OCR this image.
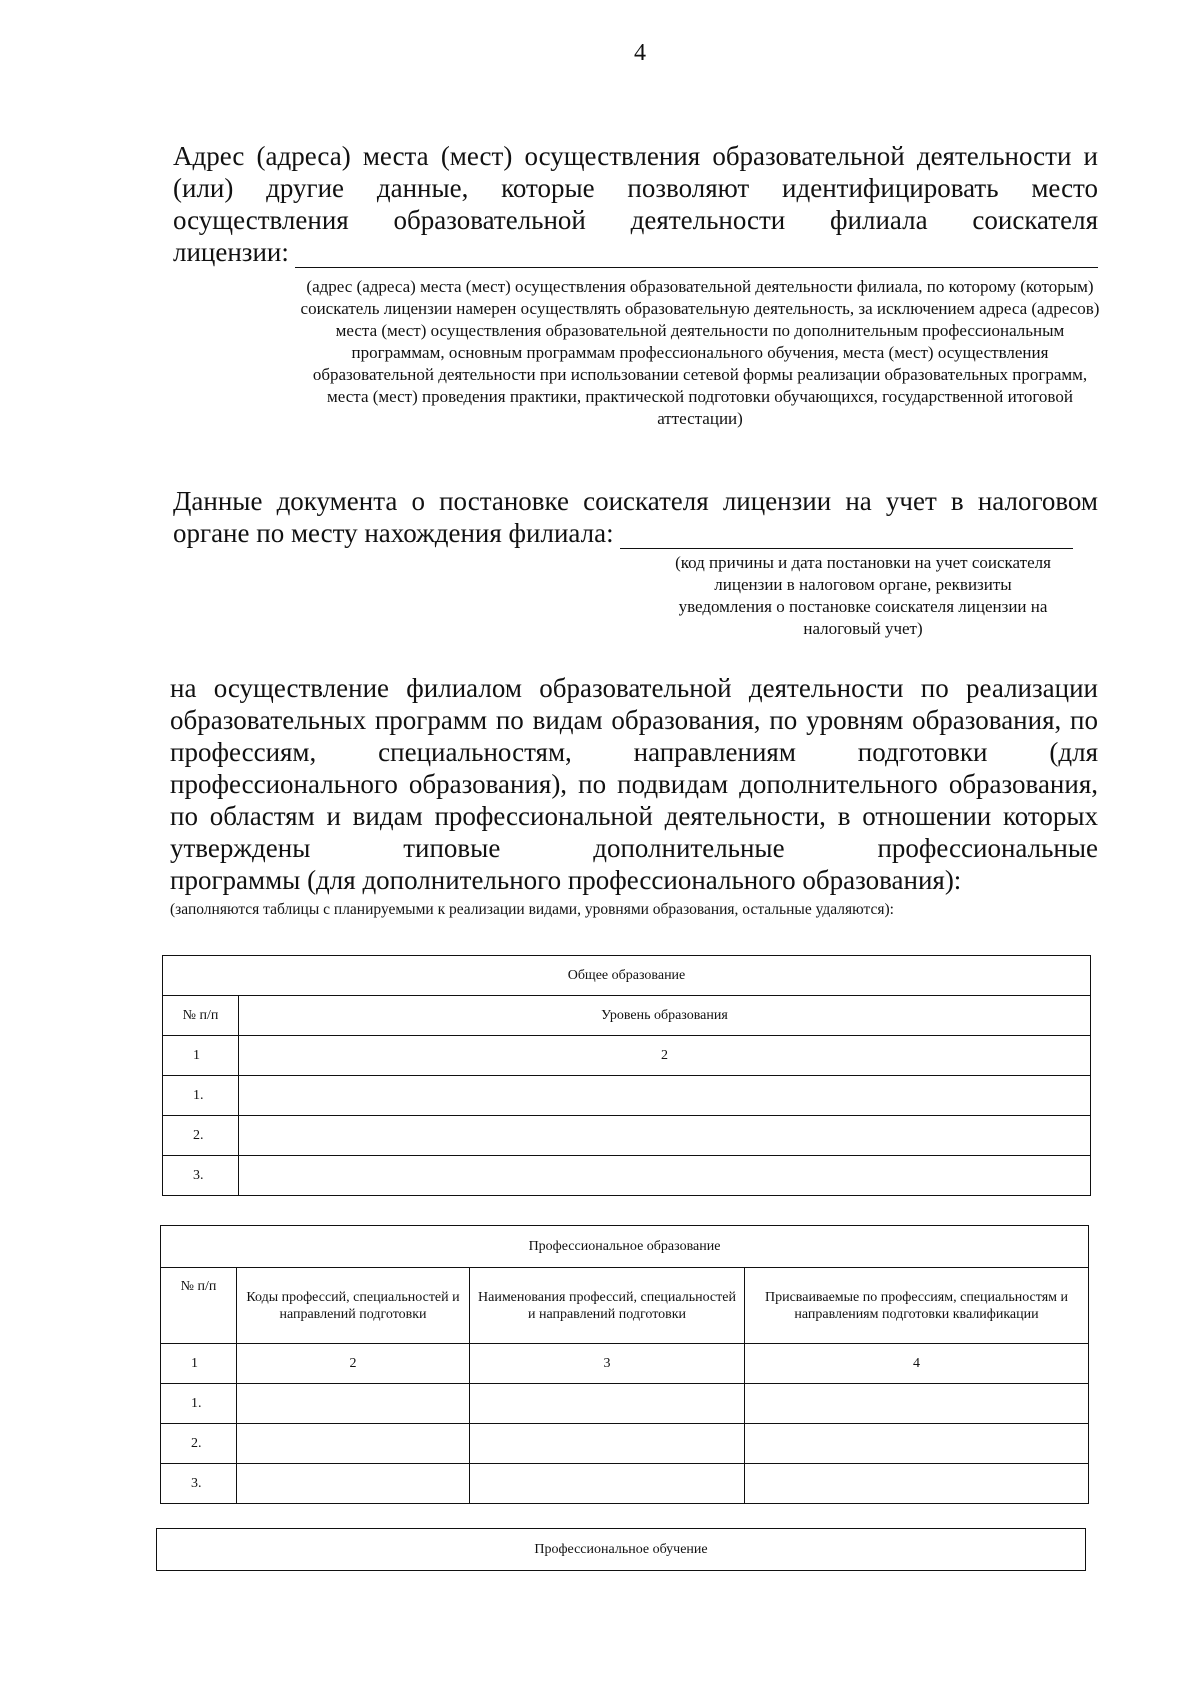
4

Адрес (адреса) места (мест) осуществления образовательной деятельности и (или) другие данные, которые позволяют идентифицировать место осуществления образовательной деятельности филиала соискателя

лицензии:
(адрес (адреса) места (мест) осуществления образовательной деятельности филиала, по которому (которым) соискатель лицензии намерен осуществлять образовательную деятельность, за исключением адреса (адресов) места (мест) осуществления образовательной деятельности по дополнительным профессиональным программам, основным программам профессионального обучения, места (мест) осуществления образовательной деятельности при использовании сетевой формы реализации образовательных программ, места (мест) проведения практики, практической подготовки обучающихся, государственной итоговой аттестации)

Данные документа о постановке соискателя лицензии на учет в налоговом

органе по месту нахождения филиала:
(код причины и дата постановки на учет соискателя лицензии в налоговом органе, реквизиты уведомления о постановке соискателя лицензии на налоговый учет)

на осуществление филиалом образовательной деятельности по реализации образовательных программ по видам образования, по уровням образования, по профессиям, специальностям, направлениям подготовки (для профессионального образования), по подвидам дополнительного образования, по областям и видам профессиональной деятельности, в отношении которых утверждены типовые дополнительные профессиональные

программы (для дополнительного профессионального образования):
(заполняются таблицы с планируемыми к реализации видами, уровнями образования, остальные удаляются):
Общее образование	
№ п/п	Уровень образования
1	2
1.	
2.	
3.	
Профессиональное образование			
№ п/п	Коды профессий, специальностей и направлений подготовки	Наименования профессий, специальностей и направлений подготовки	Присваиваемые по профессиям, специальностям и направлениям подготовки квалификации
1	2	3	4
1.			
2.			
3.			
Профессиональное обучение
